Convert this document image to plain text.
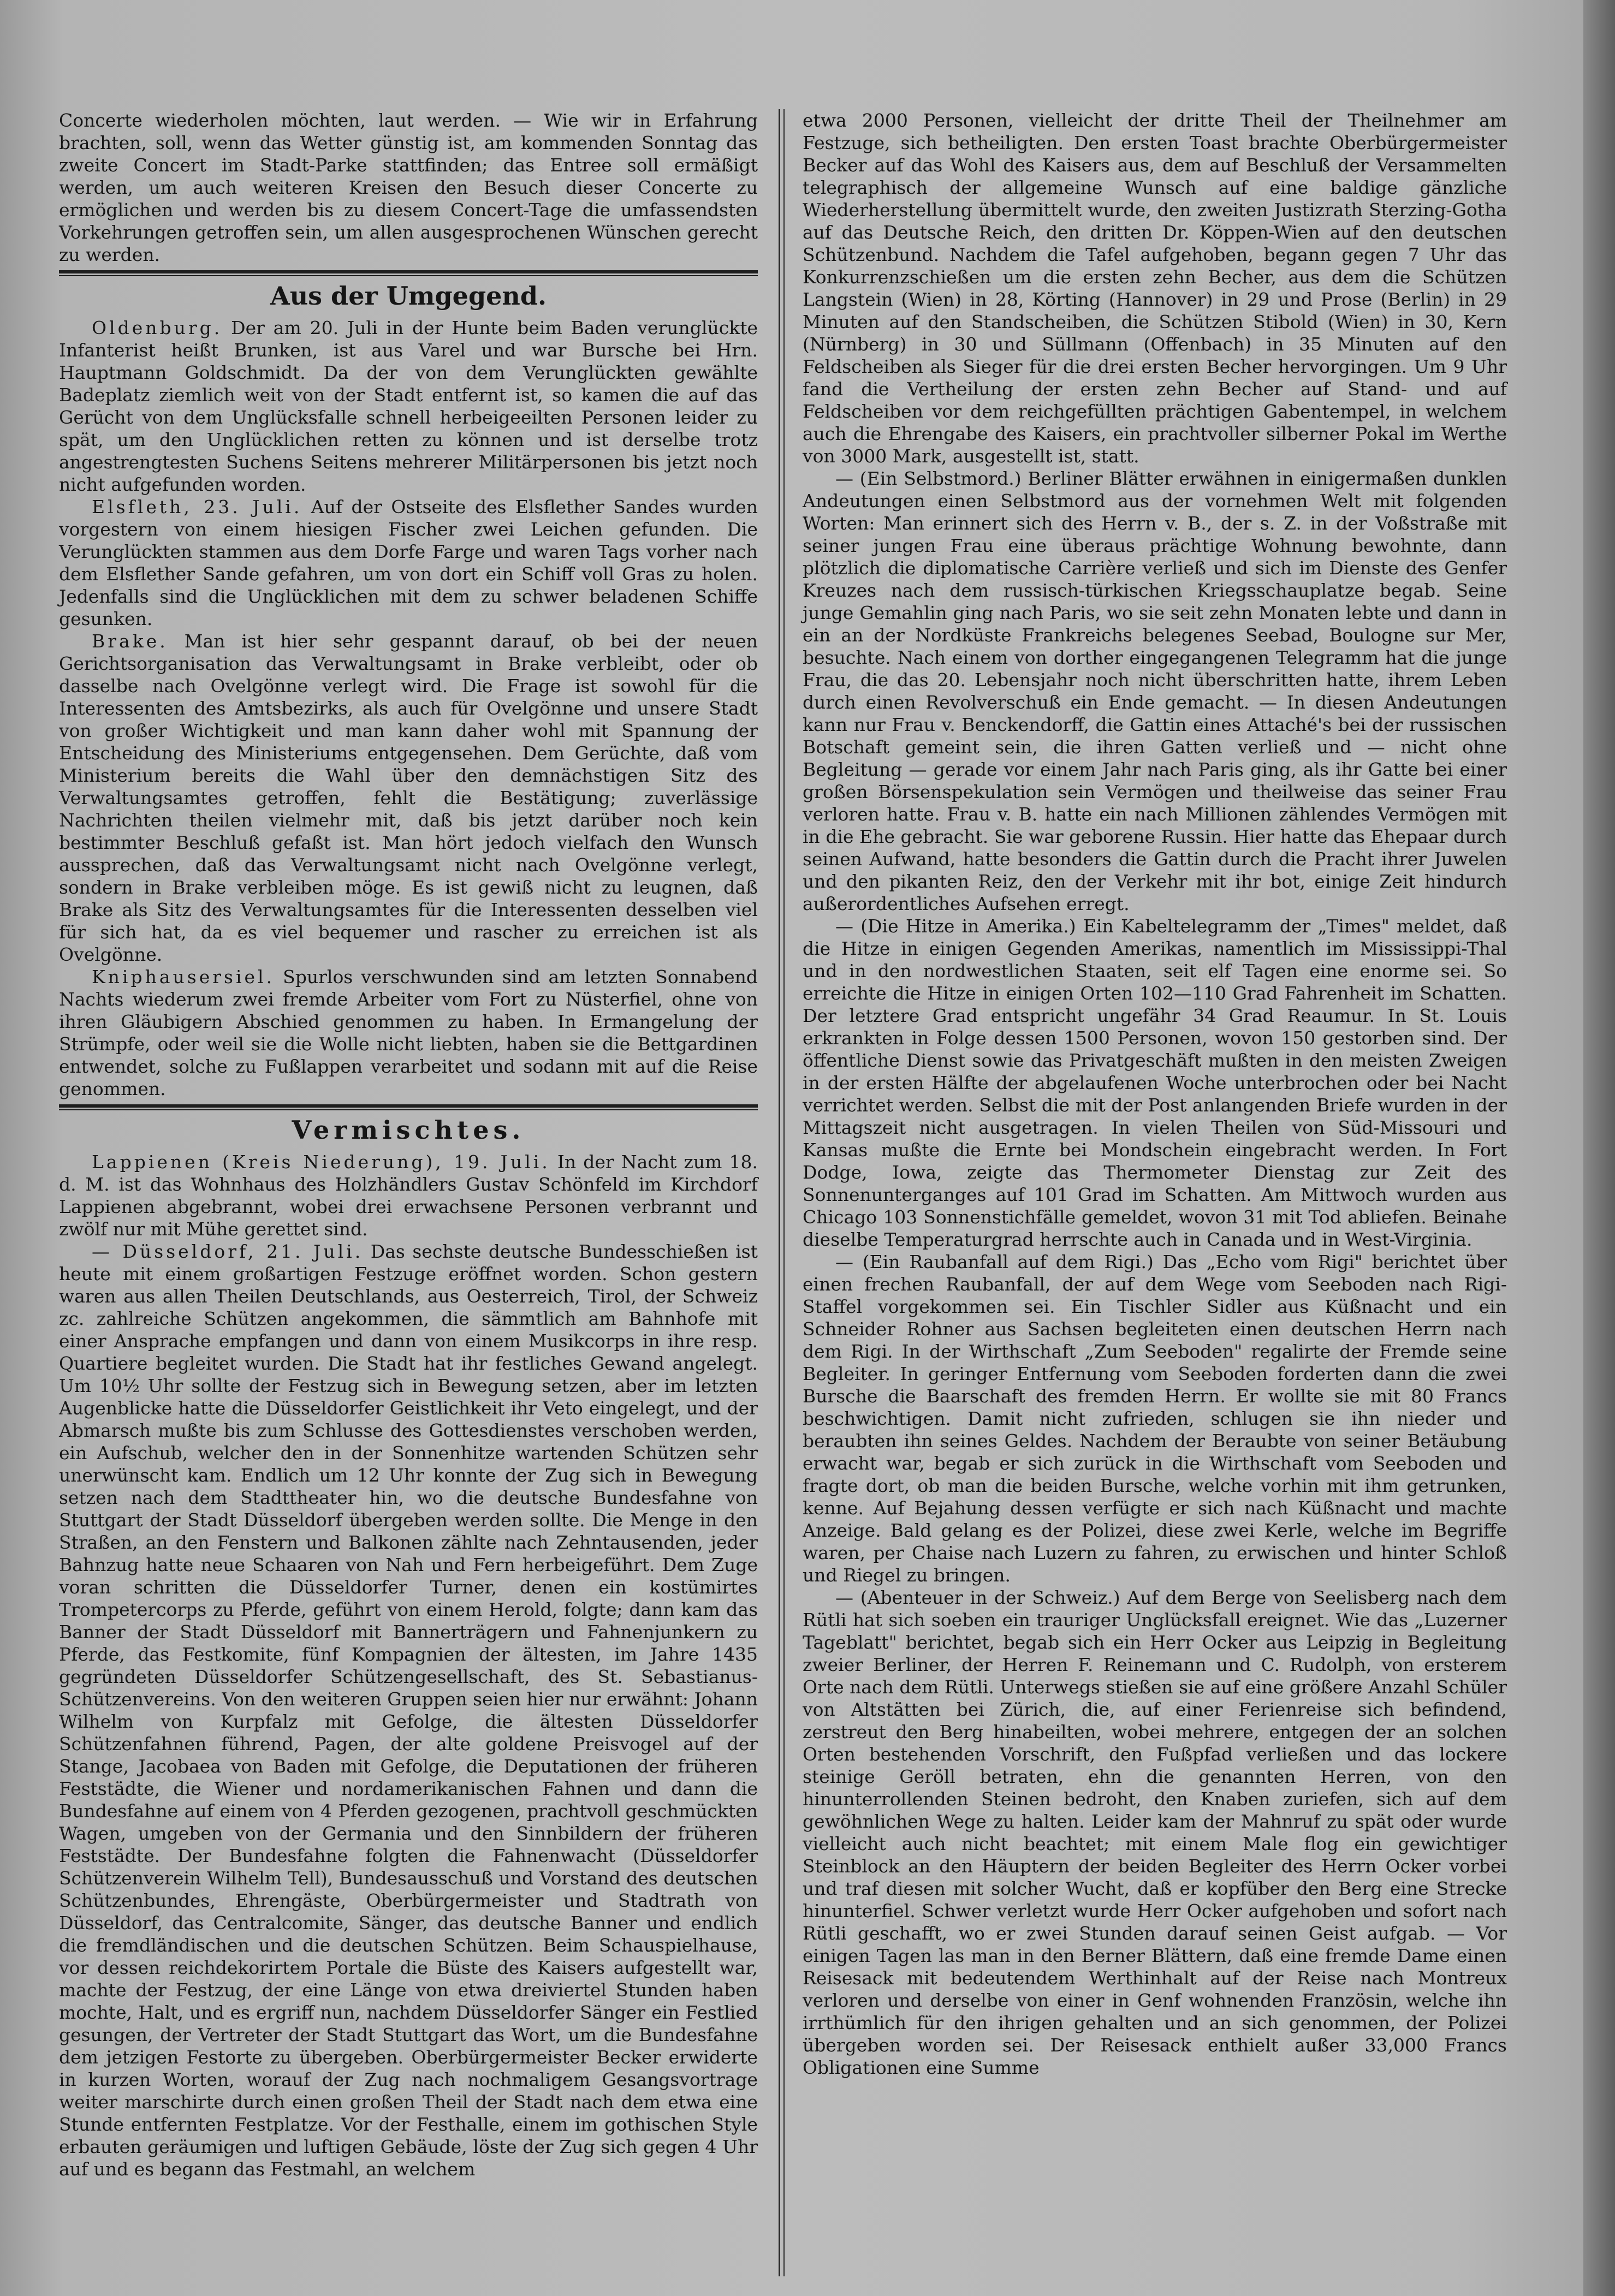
Concerte wiederholen möchten, laut werden. — Wie wir in Erfahrung brachten, soll, wenn das Wetter günstig ist, am kommenden Sonntag das zweite Concert im Stadt-Parke stattfinden; das Entree soll ermäßigt werden, um auch weiteren Kreisen den Besuch dieser Concerte zu ermöglichen und werden bis zu diesem Concert-Tage die umfassendsten Vorkehrungen getroffen sein, um allen ausgesprochenen Wünschen gerecht zu werden.

Aus der Umgegend.

Oldenburg. Der am 20. Juli in der Hunte beim Baden verunglückte Infanterist heißt Brunken, ist aus Varel und war Bursche bei Hrn. Hauptmann Goldschmidt. Da der von dem Verunglückten gewählte Badeplatz ziemlich weit von der Stadt entfernt ist, so kamen die auf das Gerücht von dem Unglücksfalle schnell herbeigeeilten Personen leider zu spät, um den Unglücklichen retten zu können und ist derselbe trotz angestrengtesten Suchens Seitens mehrerer Militärpersonen bis jetzt noch nicht aufgefunden worden.

Elsfleth, 23. Juli. Auf der Ostseite des Elsflether Sandes wurden vorgestern von einem hiesigen Fischer zwei Leichen gefunden. Die Verunglückten stammen aus dem Dorfe Farge und waren Tags vorher nach dem Elsflether Sande gefahren, um von dort ein Schiff voll Gras zu holen. Jedenfalls sind die Unglücklichen mit dem zu schwer beladenen Schiffe gesunken.

Brake. Man ist hier sehr gespannt darauf, ob bei der neuen Gerichtsorganisation das Verwaltungsamt in Brake verbleibt, oder ob dasselbe nach Ovelgönne verlegt wird. Die Frage ist sowohl für die Interessenten des Amtsbezirks, als auch für Ovelgönne und unsere Stadt von großer Wichtigkeit und man kann daher wohl mit Spannung der Entscheidung des Ministeriums entgegensehen. Dem Gerüchte, daß vom Ministerium bereits die Wahl über den demnächstigen Sitz des Verwaltungsamtes getroffen, fehlt die Bestätigung; zuverlässige Nachrichten theilen vielmehr mit, daß bis jetzt darüber noch kein bestimmter Beschluß gefaßt ist. Man hört jedoch vielfach den Wunsch aussprechen, daß das Verwaltungsamt nicht nach Ovelgönne verlegt, sondern in Brake verbleiben möge. Es ist gewiß nicht zu leugnen, daß Brake als Sitz des Verwaltungsamtes für die Interessenten desselben viel für sich hat, da es viel bequemer und rascher zu erreichen ist als Ovelgönne.

Kniphausersiel. Spurlos verschwunden sind am letzten Sonnabend Nachts wiederum zwei fremde Arbeiter vom Fort zu Nüsterfiel, ohne von ihren Gläubigern Abschied genommen zu haben. In Ermangelung der Strümpfe, oder weil sie die Wolle nicht liebten, haben sie die Bettgardinen entwendet, solche zu Fußlappen verarbeitet und sodann mit auf die Reise genommen.

Vermischtes.

Lappienen (Kreis Niederung), 19. Juli. In der Nacht zum 18. d. M. ist das Wohnhaus des Holzhändlers Gustav Schönfeld im Kirchdorf Lappienen abgebrannt, wobei drei erwachsene Personen verbrannt und zwölf nur mit Mühe gerettet sind.

— Düsseldorf, 21. Juli. Das sechste deutsche Bundesschießen ist heute mit einem großartigen Festzuge eröffnet worden. Schon gestern waren aus allen Theilen Deutschlands, aus Oesterreich, Tirol, der Schweiz zc. zahlreiche Schützen angekommen, die sämmtlich am Bahnhofe mit einer Ansprache empfangen und dann von einem Musikcorps in ihre resp. Quartiere begleitet wurden. Die Stadt hat ihr festliches Gewand angelegt. Um 10½ Uhr sollte der Festzug sich in Bewegung setzen, aber im letzten Augenblicke hatte die Düsseldorfer Geistlichkeit ihr Veto eingelegt, und der Abmarsch mußte bis zum Schlusse des Gottesdienstes verschoben werden, ein Aufschub, welcher den in der Sonnenhitze wartenden Schützen sehr unerwünscht kam. Endlich um 12 Uhr konnte der Zug sich in Bewegung setzen nach dem Stadttheater hin, wo die deutsche Bundesfahne von Stuttgart der Stadt Düsseldorf übergeben werden sollte. Die Menge in den Straßen, an den Fenstern und Balkonen zählte nach Zehntausenden, jeder Bahnzug hatte neue Schaaren von Nah und Fern herbeigeführt. Dem Zuge voran schritten die Düsseldorfer Turner, denen ein kostümirtes Trompetercorps zu Pferde, geführt von einem Herold, folgte; dann kam das Banner der Stadt Düsseldorf mit Bannerträgern und Fahnenjunkern zu Pferde, das Festkomite, fünf Kompagnien der ältesten, im Jahre 1435 gegründeten Düsseldorfer Schützengesellschaft, des St. Sebastianus-Schützenvereins. Von den weiteren Gruppen seien hier nur erwähnt: Johann Wilhelm von Kurpfalz mit Gefolge, die ältesten Düsseldorfer Schützenfahnen führend, Pagen, der alte goldene Preisvogel auf der Stange, Jacobaea von Baden mit Gefolge, die Deputationen der früheren Feststädte, die Wiener und nordamerikanischen Fahnen und dann die Bundesfahne auf einem von 4 Pferden gezogenen, prachtvoll geschmückten Wagen, umgeben von der Germania und den Sinnbildern der früheren Feststädte. Der Bundesfahne folgten die Fahnenwacht (Düsseldorfer Schützenverein Wilhelm Tell), Bundesausschuß und Vorstand des deutschen Schützenbundes, Ehrengäste, Oberbürgermeister und Stadtrath von Düsseldorf, das Centralcomite, Sänger, das deutsche Banner und endlich die fremdländischen und die deutschen Schützen. Beim Schauspielhause, vor dessen reichdekorirtem Portale die Büste des Kaisers aufgestellt war, machte der Festzug, der eine Länge von etwa dreiviertel Stunden haben mochte, Halt, und es ergriff nun, nachdem Düsseldorfer Sänger ein Festlied gesungen, der Vertreter der Stadt Stuttgart das Wort, um die Bundesfahne dem jetzigen Festorte zu übergeben. Oberbürgermeister Becker erwiderte in kurzen Worten, worauf der Zug nach nochmaligem Gesangsvortrage weiter marschirte durch einen großen Theil der Stadt nach dem etwa eine Stunde entfernten Festplatze. Vor der Festhalle, einem im gothischen Style erbauten geräumigen und luftigen Gebäude, löste der Zug sich gegen 4 Uhr auf und es begann das Festmahl, an welchem

etwa 2000 Personen, vielleicht der dritte Theil der Theilnehmer am Festzuge, sich betheiligten. Den ersten Toast brachte Oberbürgermeister Becker auf das Wohl des Kaisers aus, dem auf Beschluß der Versammelten telegraphisch der allgemeine Wunsch auf eine baldige gänzliche Wiederherstellung übermittelt wurde, den zweiten Justizrath Sterzing-Gotha auf das Deutsche Reich, den dritten Dr. Köppen-Wien auf den deutschen Schützenbund. Nachdem die Tafel aufgehoben, begann gegen 7 Uhr das Konkurrenzschießen um die ersten zehn Becher, aus dem die Schützen Langstein (Wien) in 28, Körting (Hannover) in 29 und Prose (Berlin) in 29 Minuten auf den Standscheiben, die Schützen Stibold (Wien) in 30, Kern (Nürnberg) in 30 und Süllmann (Offenbach) in 35 Minuten auf den Feldscheiben als Sieger für die drei ersten Becher hervorgingen. Um 9 Uhr fand die Vertheilung der ersten zehn Becher auf Stand- und auf Feldscheiben vor dem reichgefüllten prächtigen Gabentempel, in welchem auch die Ehrengabe des Kaisers, ein prachtvoller silberner Pokal im Werthe von 3000 Mark, ausgestellt ist, statt.

— (Ein Selbstmord.) Berliner Blätter erwähnen in einigermaßen dunklen Andeutungen einen Selbstmord aus der vornehmen Welt mit folgenden Worten: Man erinnert sich des Herrn v. B., der s. Z. in der Voßstraße mit seiner jungen Frau eine überaus prächtige Wohnung bewohnte, dann plötzlich die diplomatische Carrière verließ und sich im Dienste des Genfer Kreuzes nach dem russisch-türkischen Kriegsschauplatze begab. Seine junge Gemahlin ging nach Paris, wo sie seit zehn Monaten lebte und dann in ein an der Nordküste Frankreichs belegenes Seebad, Boulogne sur Mer, besuchte. Nach einem von dorther eingegangenen Telegramm hat die junge Frau, die das 20. Lebensjahr noch nicht überschritten hatte, ihrem Leben durch einen Revolverschuß ein Ende gemacht. — In diesen Andeutungen kann nur Frau v. Benckendorff, die Gattin eines Attaché's bei der russischen Botschaft gemeint sein, die ihren Gatten verließ und — nicht ohne Begleitung — gerade vor einem Jahr nach Paris ging, als ihr Gatte bei einer großen Börsenspekulation sein Vermögen und theilweise das seiner Frau verloren hatte. Frau v. B. hatte ein nach Millionen zählendes Vermögen mit in die Ehe gebracht. Sie war geborene Russin. Hier hatte das Ehepaar durch seinen Aufwand, hatte besonders die Gattin durch die Pracht ihrer Juwelen und den pikanten Reiz, den der Verkehr mit ihr bot, einige Zeit hindurch außerordentliches Aufsehen erregt.

— (Die Hitze in Amerika.) Ein Kabeltelegramm der „Times" meldet, daß die Hitze in einigen Gegenden Amerikas, namentlich im Mississippi-Thal und in den nordwestlichen Staaten, seit elf Tagen eine enorme sei. So erreichte die Hitze in einigen Orten 102—110 Grad Fahrenheit im Schatten. Der letztere Grad entspricht ungefähr 34 Grad Reaumur. In St. Louis erkrankten in Folge dessen 1500 Personen, wovon 150 gestorben sind. Der öffentliche Dienst sowie das Privatgeschäft mußten in den meisten Zweigen in der ersten Hälfte der abgelaufenen Woche unterbrochen oder bei Nacht verrichtet werden. Selbst die mit der Post anlangenden Briefe wurden in der Mittagszeit nicht ausgetragen. In vielen Theilen von Süd-Missouri und Kansas mußte die Ernte bei Mondschein eingebracht werden. In Fort Dodge, Iowa, zeigte das Thermometer Dienstag zur Zeit des Sonnenunterganges auf 101 Grad im Schatten. Am Mittwoch wurden aus Chicago 103 Sonnenstichfälle gemeldet, wovon 31 mit Tod abliefen. Beinahe dieselbe Temperaturgrad herrschte auch in Canada und in West-Virginia.

— (Ein Raubanfall auf dem Rigi.) Das „Echo vom Rigi" berichtet über einen frechen Raubanfall, der auf dem Wege vom Seeboden nach Rigi-Staffel vorgekommen sei. Ein Tischler Sidler aus Küßnacht und ein Schneider Rohner aus Sachsen begleiteten einen deutschen Herrn nach dem Rigi. In der Wirthschaft „Zum Seeboden" regalirte der Fremde seine Begleiter. In geringer Entfernung vom Seeboden forderten dann die zwei Bursche die Baarschaft des fremden Herrn. Er wollte sie mit 80 Francs beschwichtigen. Damit nicht zufrieden, schlugen sie ihn nieder und beraubten ihn seines Geldes. Nachdem der Beraubte von seiner Betäubung erwacht war, begab er sich zurück in die Wirthschaft vom Seeboden und fragte dort, ob man die beiden Bursche, welche vorhin mit ihm getrunken, kenne. Auf Bejahung dessen verfügte er sich nach Küßnacht und machte Anzeige. Bald gelang es der Polizei, diese zwei Kerle, welche im Begriffe waren, per Chaise nach Luzern zu fahren, zu erwischen und hinter Schloß und Riegel zu bringen.

— (Abenteuer in der Schweiz.) Auf dem Berge von Seelisberg nach dem Rütli hat sich soeben ein trauriger Unglücksfall ereignet. Wie das „Luzerner Tageblatt" berichtet, begab sich ein Herr Ocker aus Leipzig in Begleitung zweier Berliner, der Herren F. Reinemann und C. Rudolph, von ersterem Orte nach dem Rütli. Unterwegs stießen sie auf eine größere Anzahl Schüler von Altstätten bei Zürich, die, auf einer Ferienreise sich befindend, zerstreut den Berg hinabeilten, wobei mehrere, entgegen der an solchen Orten bestehenden Vorschrift, den Fußpfad verließen und das lockere steinige Geröll betraten, ehn die genannten Herren, von den hinunterrollenden Steinen bedroht, den Knaben zuriefen, sich auf dem gewöhnlichen Wege zu halten. Leider kam der Mahnruf zu spät oder wurde vielleicht auch nicht beachtet; mit einem Male flog ein gewichtiger Steinblock an den Häuptern der beiden Begleiter des Herrn Ocker vorbei und traf diesen mit solcher Wucht, daß er kopfüber den Berg eine Strecke hinunterfiel. Schwer verletzt wurde Herr Ocker aufgehoben und sofort nach Rütli geschafft, wo er zwei Stunden darauf seinen Geist aufgab. — Vor einigen Tagen las man in den Berner Blättern, daß eine fremde Dame einen Reisesack mit bedeutendem Werthinhalt auf der Reise nach Montreux verloren und derselbe von einer in Genf wohnenden Französin, welche ihn irrthümlich für den ihrigen gehalten und an sich genommen, der Polizei übergeben worden sei. Der Reisesack enthielt außer 33,000 Francs Obligationen eine Summe
